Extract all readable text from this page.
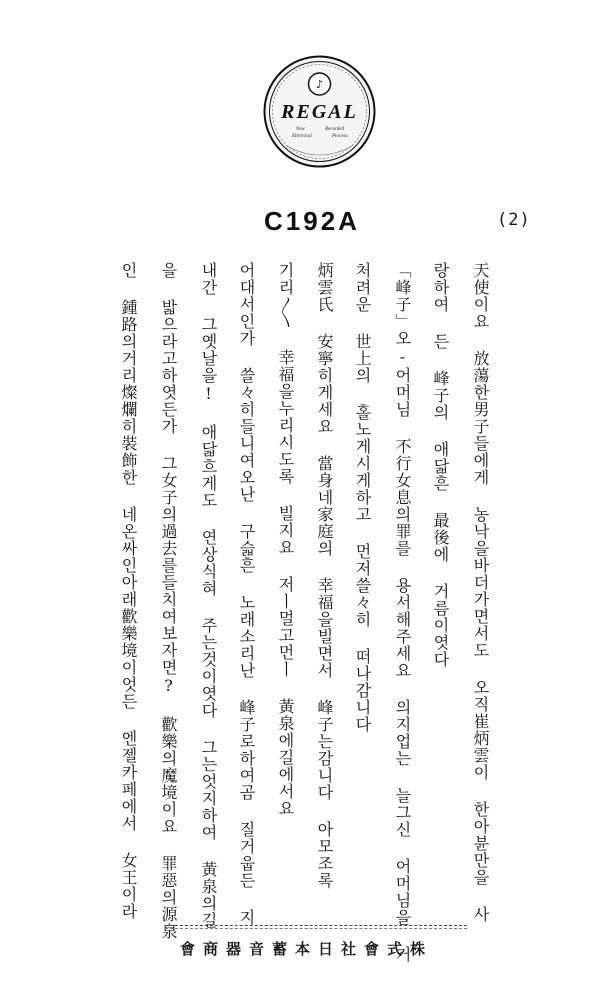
♪
REGAL
New
Electrical
Recorded
Process
C192A	(2)
天使이요 放蕩한男子들에게 농낙을바더가면서도 오직崔炳雲이 한아뷴만을 사
랑하여 든 峰子의 애닯흔 最後에 거름이엿다
「峰子」오-어머님 不行女息의罪를 용서해주세요 의지업는 늘그신 어머님을 거
처려운 世上의 홀노게시게하고 먼저쓸々히 떠나감니다
炳雲氏 安寧히게세요 當身네家庭의 幸福을빌면서 峰子는감니다 아모조록
기리〳〵 幸福을누리시도록 빌지요 저ㅣ멀고먼ㅣ 黃泉에길에서요
어대서인가 쓸々히들니여오난 구슯흔 노래소리난 峰子로하여곰 질거웁든 지
내간 그옛날을! 애닯흐게도 연상식혀 주는것이엿다 그는엇지하여 黃泉의길
을 밟으라고하엿든가 그女子의過去를들치여보자면? 歡樂의魔境이요 罪惡의源泉
인 鍾路의거리燦爛히裝飾한 네온싸인아래歡樂境이엇든 엔젤카페에서 女王이라
株式會社日本蓄音器商會
